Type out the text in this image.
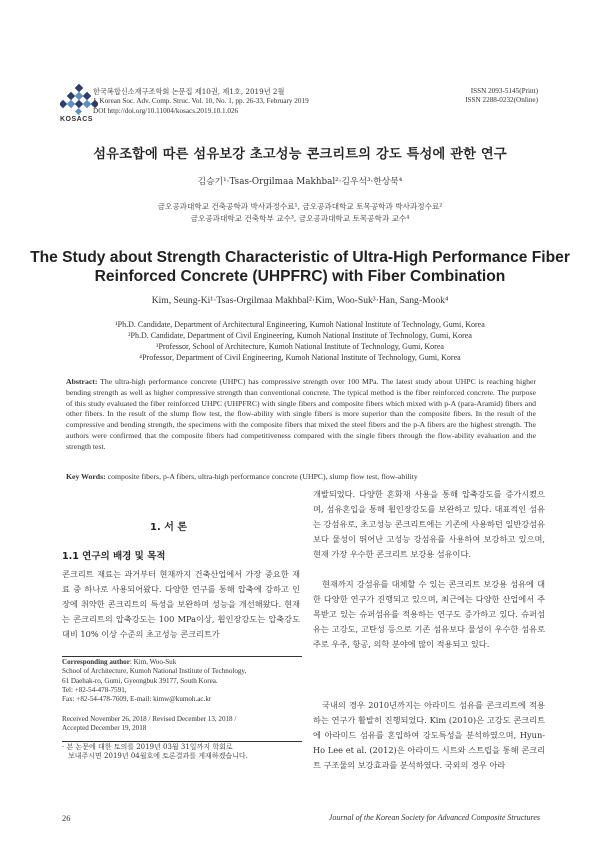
KOSACS
한국복합신소재구조학회 논문집 제10권, 제1호, 2019년 2월
J. Korean Soc. Adv. Comp. Struc. Vol. 10, No. 1, pp. 26-33, February 2019
DOI http://doi.org/10.11004/kosacs.2019.10.1.026
ISSN 2093-5145(Print)
ISSN 2288-0232(Online)
섬유조합에 따른 섬유보강 초고성능 콘크리트의 강도 특성에 관한 연구
김승기¹·Tsas-Orgilmaa Makhbal²·김우석³·한상묵⁴
금오공과대학교 건축공학과 박사과정수료¹, 금오공과대학교 토목공학과 박사과정수료²
금오공과대학교 건축학부 교수³, 금오공과대학교 토목공학과 교수⁴
The Study about Strength Characteristic of Ultra-High Performance Fiber
Reinforced Concrete (UHPFRC) with Fiber Combination
Kim, Seung-Ki¹·Tsas-Orgilmaa Makhbal²·Kim, Woo-Suk³·Han, Sang-Mook⁴
¹Ph.D. Candidate, Department of Architectural Engineering, Kumoh National Institute of Technology, Gumi, Korea
²Ph.D. Candidate, Department of Civil Engineering, Kumoh National Institute of Technology, Gumi, Korea
³Professor, School of Architecture, Kumoh National Institute of Technology, Gumi, Korea
⁴Professor, Department of Civil Engineering, Kumoh National Institute of Technology, Gumi, Korea
Abstract: The ultra-high performance concrete (UHPC) has compressive strength over 100 MPa. The latest study about UHPC is reaching higher bending strength as well as higher compressive strength than conventional concrete. The typical method is the fiber reinforced concrete. The purpose of this study evaluated the fiber reinforced UHPC (UHPFRC) with single fibers and composite fibers which mixed with p-A (para-Aramid) fibers and other fibers. In the result of the slump flow test, the flow-ability with single fibers is more superior than the composite fibers. In the result of the compressive and bending strength, the specimens with the composite fibers that mixed the steel fibers and the p-A fibers are the highest strength. The authors were confirmed that the composite fibers had competitiveness compared with the single fibers through the flow-ability evaluation and the strength test.
Key Words: composite fibers, p-A fibers, ultra-high performance concrete (UHPC), slump flow test, flow-ability
1. 서 론
1.1 연구의 배경 및 목적
콘크리트 재료는 과거부터 현재까지 건축산업에서 가장 중요한 재료 중 하나로 사용되어왔다. 다양한 연구를 통해 압축에 강하고 인장에 취약한 콘크리트의 특성을 보완하며 성능을 개선해왔다. 현재는 콘크리트의 압축강도는 100 MPa이상, 휨인장강도는 압축강도 대비 10% 이상 수준의 초고성능 콘크리트가
Corresponding author: Kim, Woo-Suk
School of Architecture, Kumoh National Institute of Technology,
61 Daehak-ro, Gumi, Gyeongbuk 39177, South Korea.
Tel: +82-54-478-7591,
Fax: +82-54-478-7609, E-mail: kimw@kumoh.ac.kr
Received November 26, 2018 / Revised December 13, 2018 /
Accepted December 19, 2018
· 본 논문에 대한 토의를 2019년 03월 31일까지 학회로
보내주시면 2019년 04월호에 토론결과를 게재하겠습니다.
개발되었다. 다양한 혼화재 사용을 통해 압축강도를 증가시켰으며, 섬유혼입을 통해 휨인장강도를 보완하고 있다. 대표적인 섬유는 강섬유로, 초고성능 콘크리트에는 기존에 사용하던 일반강섬유보다 물성이 뛰어난 고성능 강섬유를 사용하여 보강하고 있으며, 현재 가장 우수한 콘크리트 보강용 섬유이다.
현재까지 강섬유를 대체할 수 있는 콘크리트 보강용 섬유에 대한 다양한 연구가 진행되고 있으며, 최근에는 다양한 산업에서 주목받고 있는 슈퍼섬유를 적용하는 연구도 증가하고 있다. 슈퍼섬유는 고강도, 고탄성 등으로 기존 섬유보다 물성이 우수한 섬유로 주로 우주, 항공, 의학 분야에 많이 적용되고 있다.
국내의 경우 2010년까지는 아라미드 섬유를 콘크리트에 적용하는 연구가 활발히 진행되었다. Kim (2010)은 고강도 콘크리트에 아라미드 섬유를 혼입하여 강도특성을 분석하였으며, Hyun-Ho Lee et al. (2012)은 아라미드 시트와 스트립을 통해 콘크리트 구조물의 보강효과를 분석하였다. 국외의 경우 아라
26	Journal of the Korean Society for Advanced Composite Structures
